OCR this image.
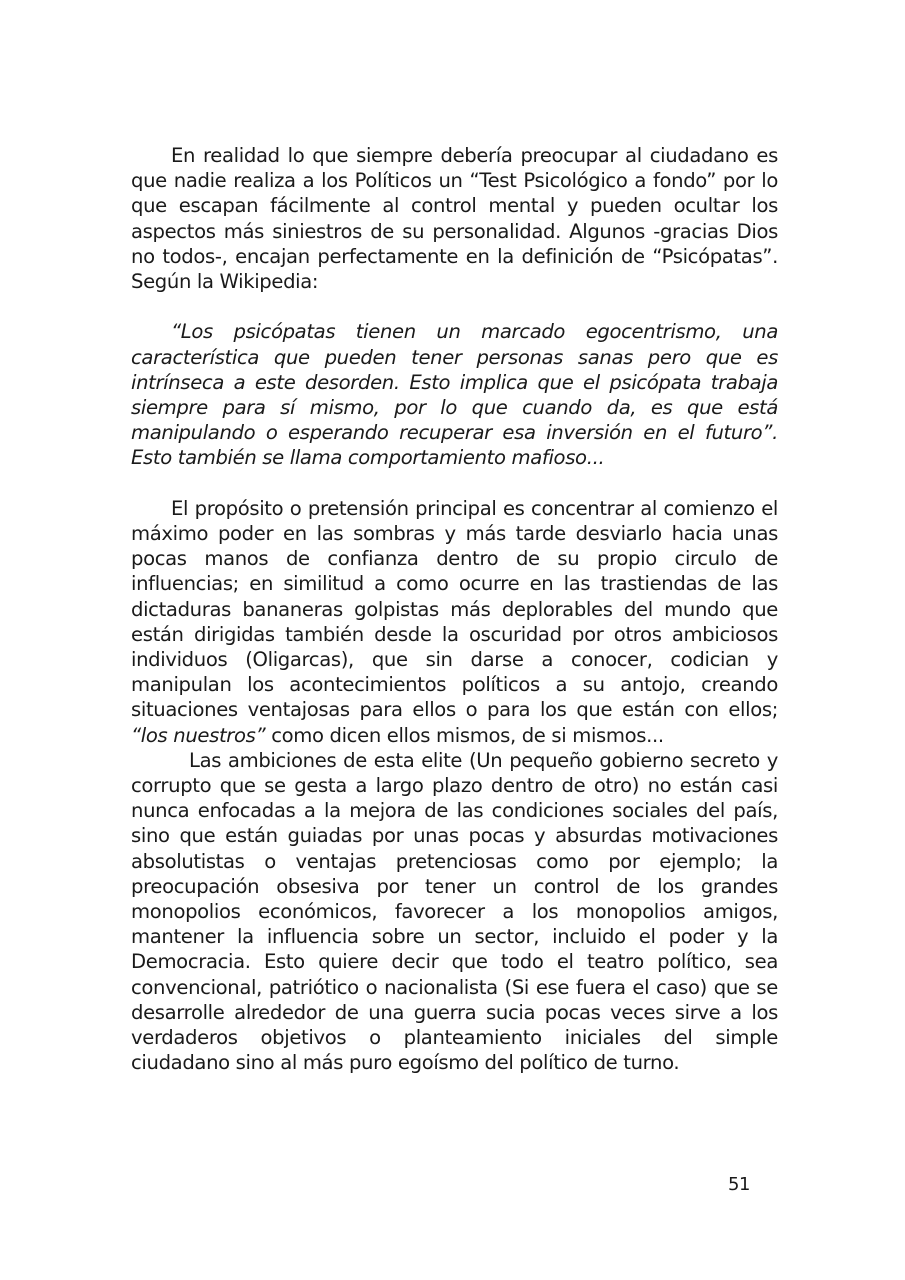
En realidad lo que siempre debería preocupar al ciudadano es que nadie realiza a los Políticos un “Test Psicológico a fondo” por lo que escapan fácilmente al control mental y pueden ocultar los aspectos más siniestros de su personalidad. Algunos -gracias Dios no todos-, encajan perfectamente en la definición de “Psicópatas”. Según la Wikipedia:

“Los psicópatas tienen un marcado egocentrismo, una característica que pueden tener personas sanas pero que es intrínseca a este desorden. Esto implica que el psicópata trabaja siempre para sí mismo, por lo que cuando da, es que está manipulando o esperando recuperar esa inversión en el futuro”. Esto también se llama comportamiento mafioso...

El propósito o pretensión principal es concentrar al comienzo el máximo poder en las sombras y más tarde desviarlo hacia unas pocas manos de confianza dentro de su propio circulo de influencias; en similitud a como ocurre en las trastiendas de las dictaduras bananeras golpistas más deplorables del mundo que están dirigidas también desde la oscuridad por otros ambiciosos individuos (Oligarcas), que sin darse a conocer, codician y manipulan los acontecimientos políticos a su antojo, creando situaciones ventajosas para ellos o para los que están con ellos; “los nuestros” como dicen ellos mismos, de si mismos...

Las ambiciones de esta elite (Un pequeño gobierno secreto y corrupto que se gesta a largo plazo dentro de otro) no están casi nunca enfocadas a la mejora de las condiciones sociales del país, sino que están guiadas por unas pocas y absurdas motivaciones absolutistas o ventajas pretenciosas como por ejemplo; la preocupación obsesiva por tener un control de los grandes monopolios económicos, favorecer a los monopolios amigos, mantener la influencia sobre un sector, incluido el poder y la Democracia. Esto quiere decir que todo el teatro político, sea convencional, patriótico o nacionalista (Si ese fuera el caso) que se desarrolle alrededor de una guerra sucia pocas veces sirve a los verdaderos objetivos o planteamiento iniciales del simple ciudadano sino al más puro egoísmo del político de turno.

51
